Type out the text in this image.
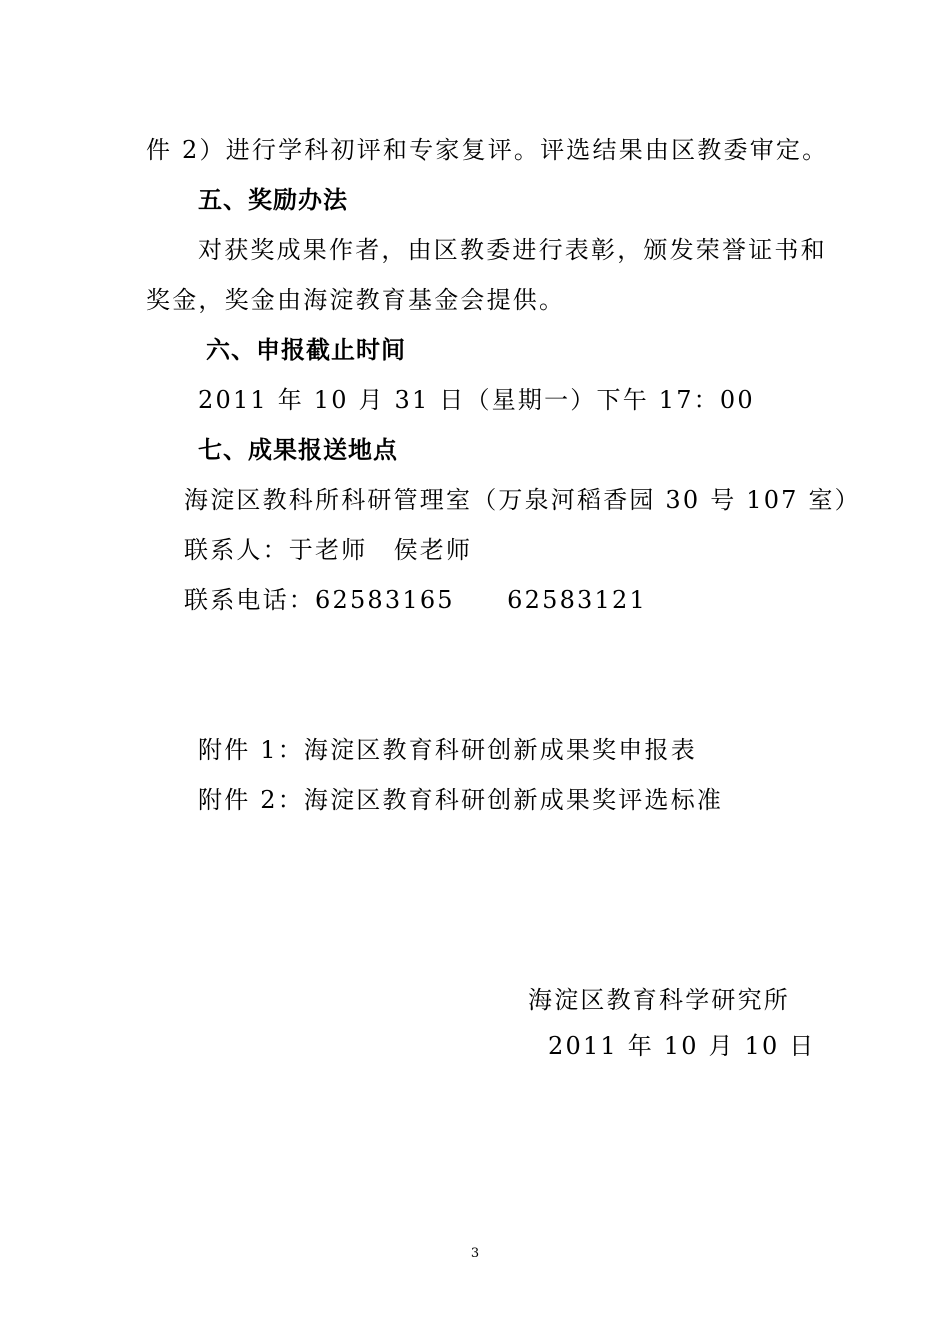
件 2）进行学科初评和专家复评。评选结果由区教委审定。
五、奖励办法
对获奖成果作者，由区教委进行表彰，颁发荣誉证书和
奖金，奖金由海淀教育基金会提供。
六、申报截止时间
2011 年 10 月 31 日（星期一）下午 17：00
七、成果报送地点
海淀区教科所科研管理室（万泉河稻香园 30 号 107 室）
联系人：于老师　侯老师
联系电话：62583165　　62583121
附件 1：海淀区教育科研创新成果奖申报表
附件 2：海淀区教育科研创新成果奖评选标准
海淀区教育科学研究所
2011 年 10 月 10 日
3
